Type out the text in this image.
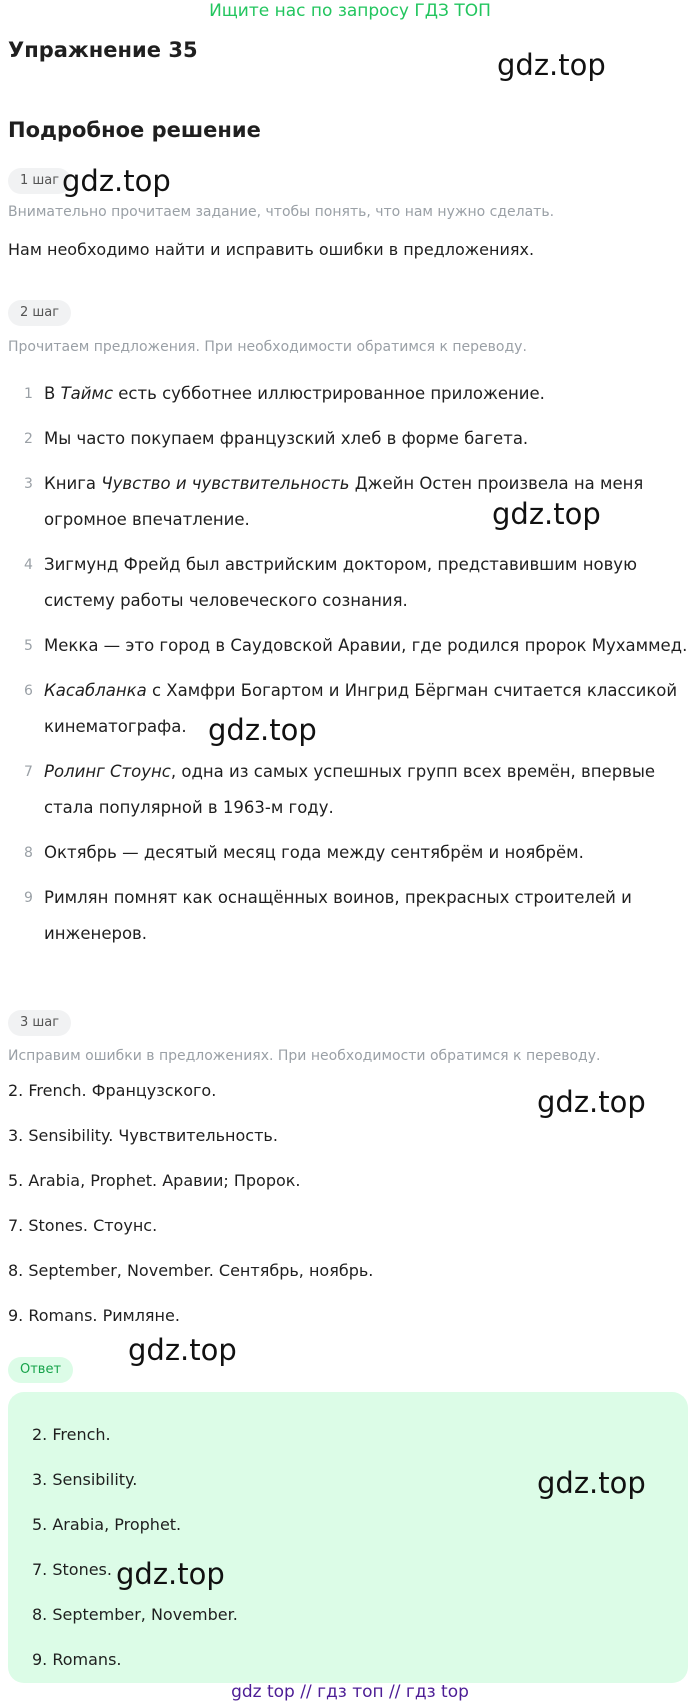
Ищите нас по запросу ГДЗ ТОП
Упражнение 35	gdz.top
Подробное решение
1 шаг gdz.top
Внимательно прочитаем задание, чтобы понять, что нам нужно сделать.
Нам необходимо найти и исправить ошибки в предложениях.
2 шаг
Прочитаем предложения. При необходимости обратимся к переводу.
1 В Таймс есть субботнее иллюстрированное приложение.
2 Мы часто покупаем французский хлеб в форме багета.
3 Книга Чувство и чувствительность Джейн Остен произвела на меня огромное впечатление.
4 Зигмунд Фрейд был австрийским доктором, представившим новую систему работы человеческого сознания.
5 Мекка — это город в Саудовской Аравии, где родился пророк Мухаммед.
6 Касабланка с Хамфри Богартом и Ингрид Бёргман считается классикой кинематографа.
7 Ролинг Стоунс, одна из самых успешных групп всех времён, впервые стала популярной в 1963-м году.
8 Октябрь — десятый месяц года между сентябрём и ноябрём.
9 Римлян помнят как оснащённых воинов, прекрасных строителей и инженеров.
gdz.top
gdz.top
3 шаг
Исправим ошибки в предложениях. При необходимости обратимся к переводу.
2. French. Французского.
3. Sensibility. Чувствительность.
5. Arabia, Prophet. Аравии; Пророк.
7. Stones. Стоунс.
8. September, November. Сентябрь, ноябрь.
9. Romans. Римляне.
gdz.top
gdz.top
Ответ
2. French.
3. Sensibility.
5. Arabia, Prophet.
7. Stones.
8. September, November.
9. Romans.
gdz.top
gdz.top
gdz top // гдз топ // гдз top
